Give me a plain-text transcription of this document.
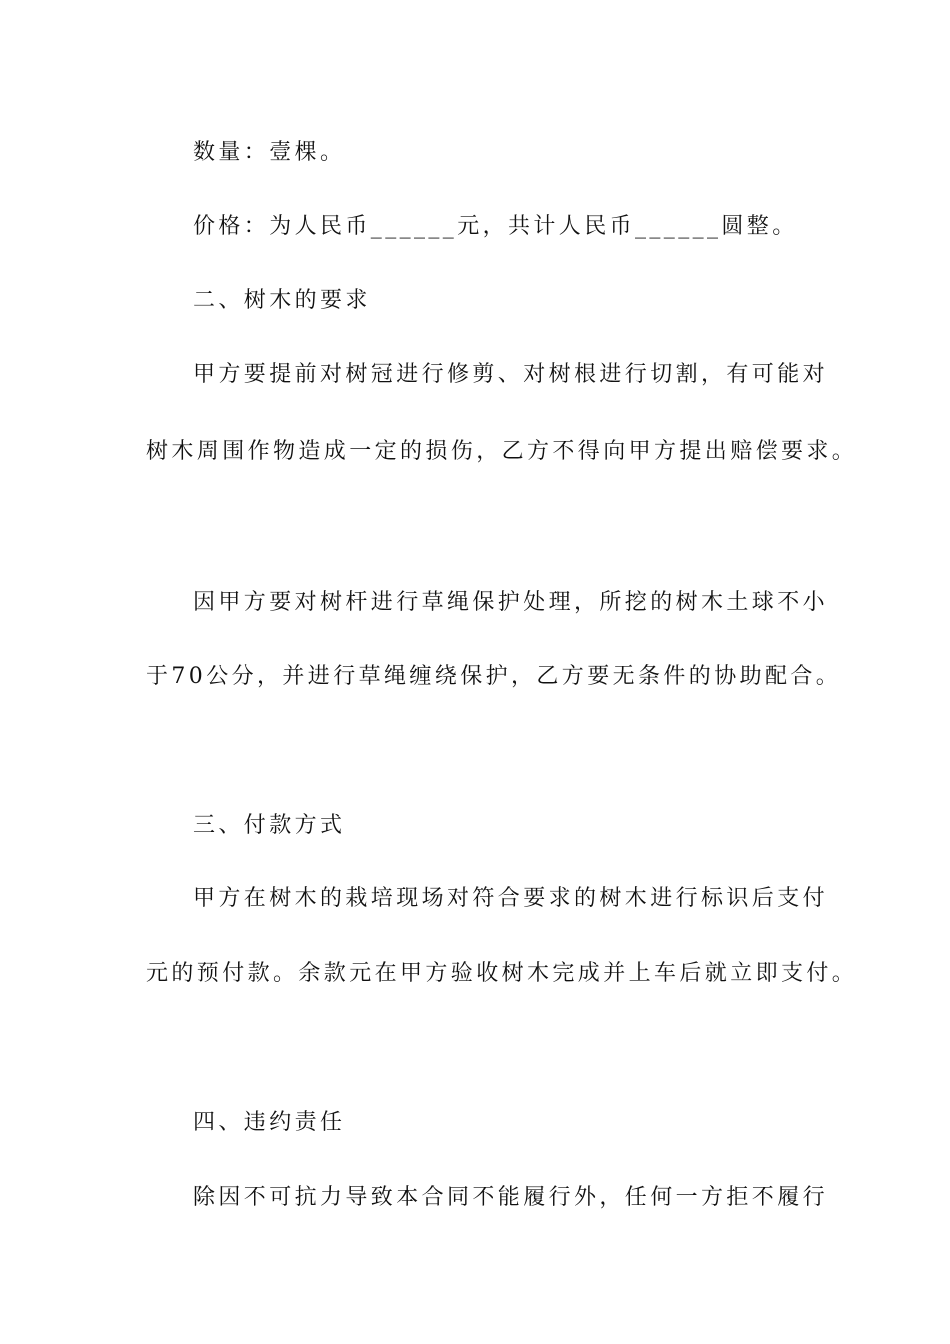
数量：壹棵。
价格：为人民币______元，共计人民币______圆整。
二、树木的要求
甲方要提前对树冠进行修剪、对树根进行切割，有可能对
树木周围作物造成一定的损伤，乙方不得向甲方提出赔偿要求。
因甲方要对树杆进行草绳保护处理，所挖的树木土球不小
于70公分，并进行草绳缠绕保护，乙方要无条件的协助配合。
三、付款方式
甲方在树木的栽培现场对符合要求的树木进行标识后支付
元的预付款。余款元在甲方验收树木完成并上车后就立即支付。
四、违约责任
除因不可抗力导致本合同不能履行外，任何一方拒不履行
